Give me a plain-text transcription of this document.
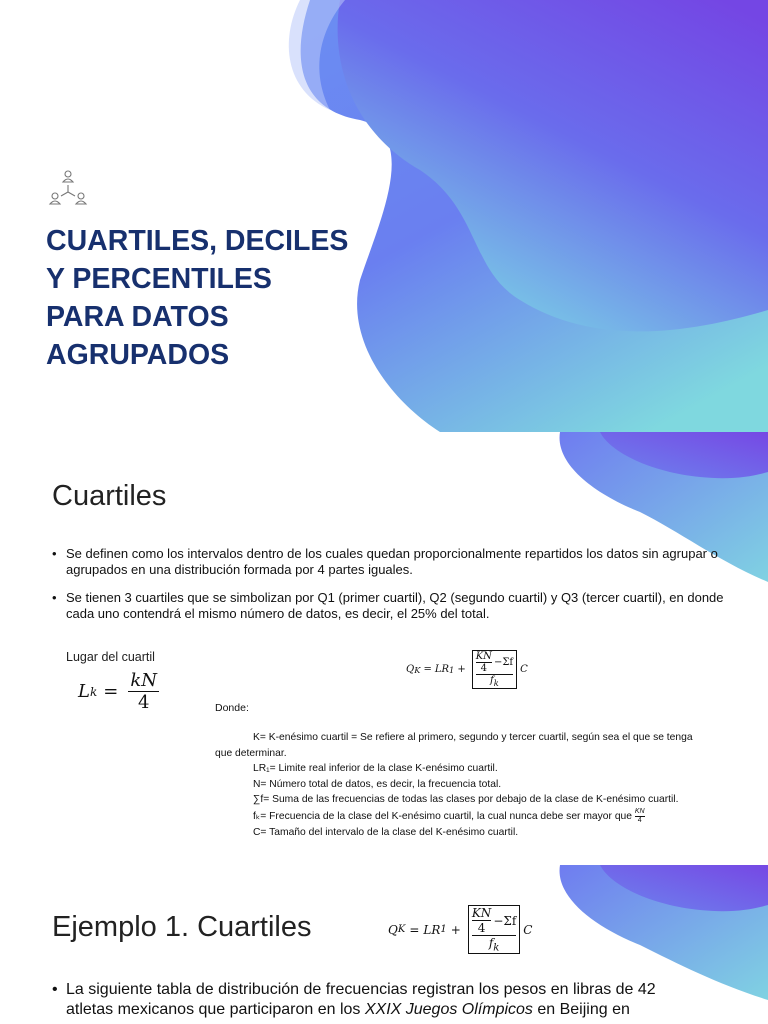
CUARTILES, DECILES
Y PERCENTILES
PARA DATOS
AGRUPADOS
Cuartiles
• Se definen como los intervalos dentro de los cuales quedan proporcionalmente repartidos los datos sin agrupar o agrupados en una distribución formada por 4 partes iguales.
• Se tienen 3 cuartiles que se simbolizan por Q1 (primer cuartil), Q2 (segundo cuartil) y Q3 (tercer cuartil), en donde cada uno contendrá el mismo número de datos, es decir, el 25% del total.
Lugar del cuartil
L $k = \frac{kN}{4}$
Q K = LR 1 +
KN
4
−Σf
$f_k$
C
Donde:

K= K-enésimo cuartil = Se refiere al primero, segundo y tercer cuartil, según sea el que se tenga

que determinar.

LR₁= Limite real inferior de la clase K-enésimo cuartil.

N= Número total de datos, es decir, la frecuencia total.

∑f= Suma de las frecuencias de todas las clases por debajo de la clase de K-enésimo cuartil.

fₖ= Frecuencia de la clase del K-enésimo cuartil, la cual nunca debe ser mayor que $\frac{KN}{4}$

C= Tamaño del intervalo de la clase del K-enésimo cuartil.

Ejemplo 1. Cuartiles	Q K = LR 1 +
KN
4
−Σf
$f_k$
C
• La siguiente tabla de distribución de frecuencias registran los pesos en libras de 42
atletas mexicanos que participaron en los XXIX Juegos Olímpicos en Beijing en
